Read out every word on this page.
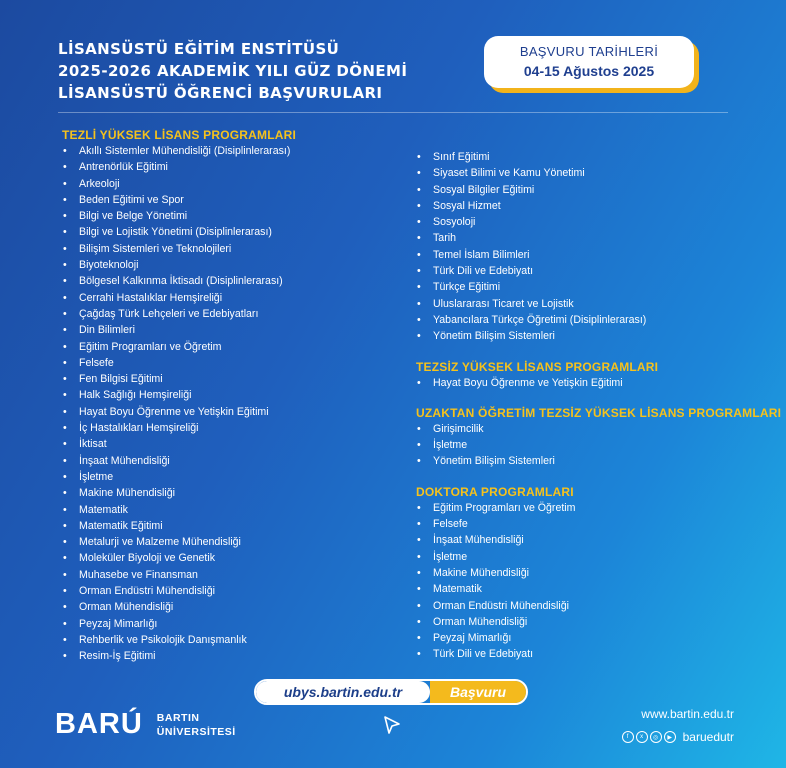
LİSANSÜSTÜ EĞİTİM ENSTİTÜSÜ
2025-2026 AKADEMİK YILI GÜZ DÖNEMİ
LİSANSÜSTÜ ÖĞRENCİ BAŞVURULARI
BAŞVURU TARİHLERİ
04-15 Ağustos 2025
TEZLİ YÜKSEK LİSANS PROGRAMLARI
• Akıllı Sistemler Mühendisliği (Disiplinlerarası)
• Antrenörlük Eğitimi
• Arkeoloji
• Beden Eğitimi ve Spor
• Bilgi ve Belge Yönetimi
• Bilgi ve Lojistik Yönetimi (Disiplinlerarası)
• Bilişim Sistemleri ve Teknolojileri
• Biyoteknoloji
• Bölgesel Kalkınma İktisadı (Disiplinlerarası)
• Cerrahi Hastalıklar Hemşireliği
• Çağdaş Türk Lehçeleri ve Edebiyatları
• Din Bilimleri
• Eğitim Programları ve Öğretim
• Felsefe
• Fen Bilgisi Eğitimi
• Halk Sağlığı Hemşireliği
• Hayat Boyu Öğrenme ve Yetişkin Eğitimi
• İç Hastalıkları Hemşireliği
• İktisat
• İnşaat Mühendisliği
• İşletme
• Makine Mühendisliği
• Matematik
• Matematik Eğitimi
• Metalurji ve Malzeme Mühendisliği
• Moleküler Biyoloji ve Genetik
• Muhasebe ve Finansman
• Orman Endüstri Mühendisliği
• Orman Mühendisliği
• Peyzaj Mimarlığı
• Rehberlik ve Psikolojik Danışmanlık
• Resim-İş Eğitimi
• Sınıf Eğitimi
• Siyaset Bilimi ve Kamu Yönetimi
• Sosyal Bilgiler Eğitimi
• Sosyal Hizmet
• Sosyoloji
• Tarih
• Temel İslam Bilimleri
• Türk Dili ve Edebiyatı
• Türkçe Eğitimi
• Uluslararası Ticaret ve Lojistik
• Yabancılara Türkçe Öğretimi (Disiplinlerarası)
• Yönetim Bilişim Sistemleri
TEZSİZ YÜKSEK LİSANS PROGRAMLARI
• Hayat Boyu Öğrenme ve Yetişkin Eğitimi
UZAKTAN ÖĞRETİM TEZSİZ YÜKSEK LİSANS PROGRAMLARI
• Girişimcilik
• İşletme
• Yönetim Bilişim Sistemleri
DOKTORA PROGRAMLARI
• Eğitim Programları ve Öğretim
• Felsefe
• İnşaat Mühendisliği
• İşletme
• Makine Mühendisliği
• Matematik
• Orman Endüstri Mühendisliği
• Orman Mühendisliği
• Peyzaj Mimarlığı
• Türk Dili ve Edebiyatı
ubys.bartin.edu.tr	Başvuru
BARÚ BARTIN
ÜNİVERSİTESİ
www.bartin.edu.tr
f	x	◎	▶ baruedutr
